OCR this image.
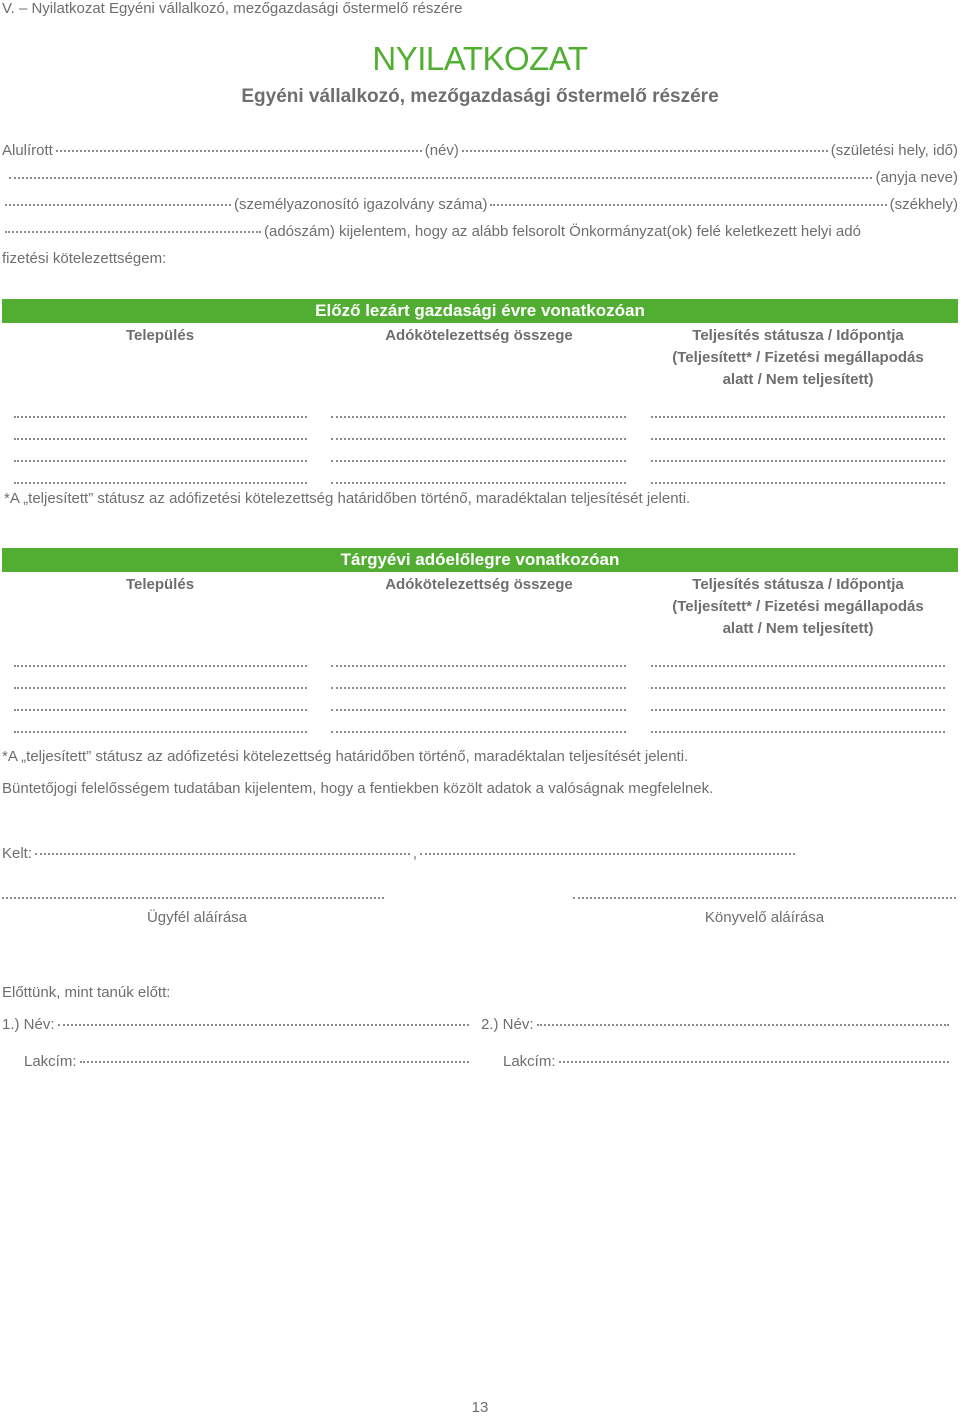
V. – Nyilatkozat Egyéni vállalkozó, mezőgazdasági őstermelő részére
NYILATKOZAT
Egyéni vállalkozó, mezőgazdasági őstermelő részére
Alulírott	(név)	(születési hely, idő)
(anyja neve)
(személyazonosító igazolvány száma)	(székhely)
(adószám) kijelentem, hogy az alább felsorolt Önkormányzat(ok) felé keletkezett helyi adó
fizetési kötelezettségem:
Előző lezárt gazdasági évre vonatkozóan
Település	Adókötelezettség összege	Teljesítés státusza / Időpontja
(Teljesített* / Fizetési megállapodás
alatt / Nem teljesített)
*A „teljesített” státusz az adófizetési kötelezettség határidőben történő, maradéktalan teljesítését jelenti.
Tárgyévi adóelőlegre vonatkozóan
Település	Adókötelezettség összege	Teljesítés státusza / Időpontja
(Teljesített* / Fizetési megállapodás
alatt / Nem teljesített)
*A „teljesített” státusz az adófizetési kötelezettség határidőben történő, maradéktalan teljesítését jelenti.
Büntetőjogi felelősségem tudatában kijelentem, hogy a fentiekben közölt adatok a valóságnak megfelelnek.
Kelt:	,
Ügyfél aláírása	Könyvelő aláírása
Előttünk, mint tanúk előtt:
1.) Név:	2.) Név:
Lakcím:	Lakcím:
13
